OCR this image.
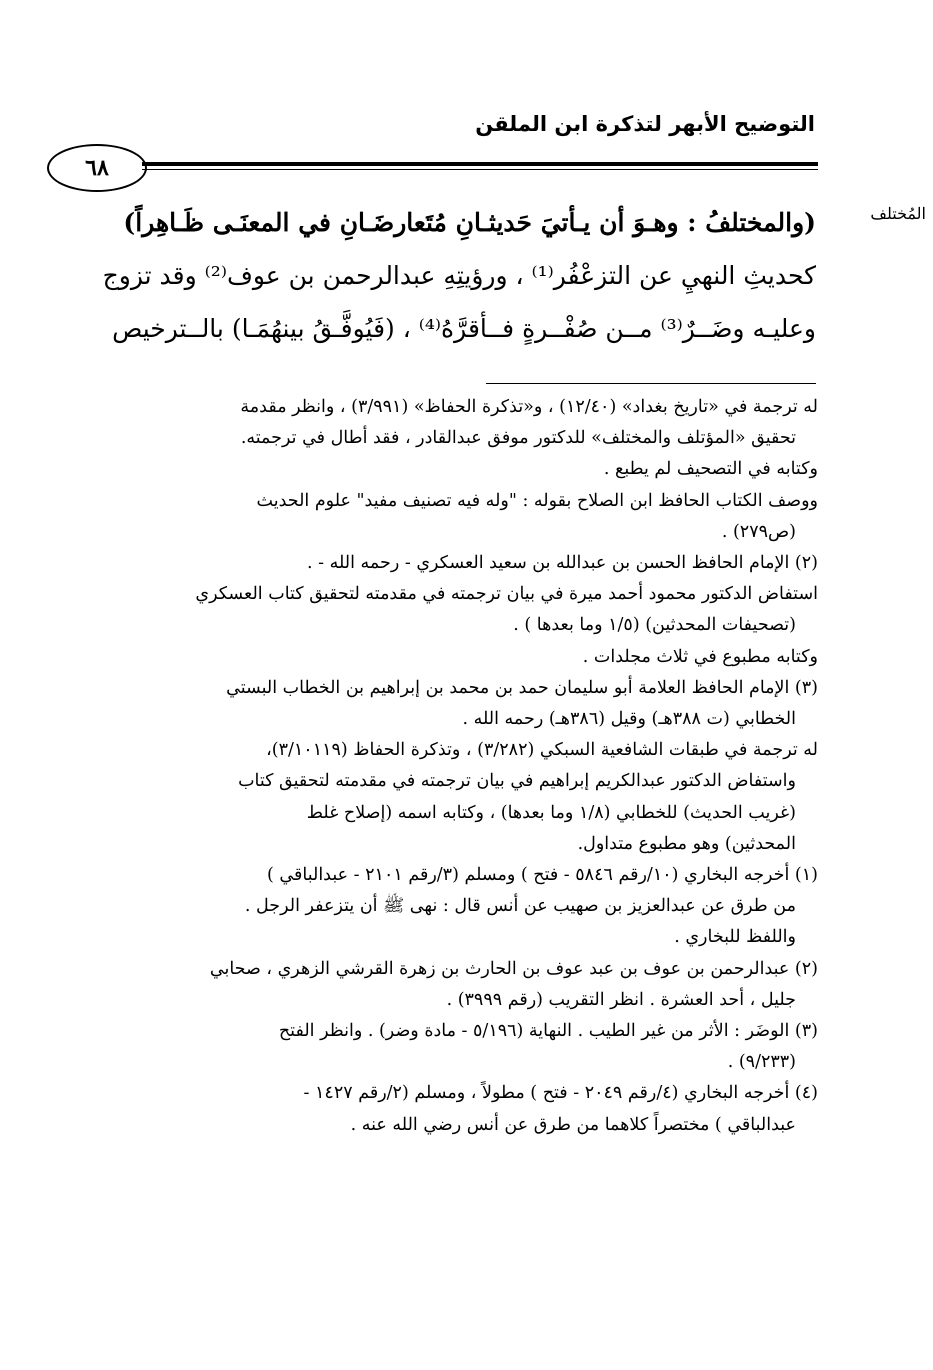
التوضيح الأبهر لتذكرة ابن الملقن
٦٨
المُختلف

(والمختلفُ : وهـوَ أن يـأتيَ حَديثـانِ مُتَعارضَـانِ في المعنَـى ظَـاهِراً)

كحديثِ النهيِ عن التزعْفُر⁽¹⁾ ، ورؤيتِهِ عبدالرحمن بن عوف⁽²⁾ وقد تزوج

وعليـه وضَــرٌ⁽³⁾ مــن صُفْــرةٍ فــأقرَّهُ⁽⁴⁾ ، (فَيُوفَّـقُ بينهُمَـا) بالــترخيص

له ترجمة في «تاريخ بغداد» (١٢/٤٠) ، و«تذكرة الحفاظ» (٣/٩٩١) ، وانظر مقدمة

تحقيق «المؤتلف والمختلف» للدكتور موفق عبدالقادر ، فقد أطال في ترجمته.

وكتابه في التصحيف لم يطبع .

ووصف الكتاب الحافظ ابن الصلاح بقوله : "وله فيه تصنيف مفيد" علوم الحديث

(ص٢٧٩) .

(٢) الإمام الحافظ الحسن بن عبدالله بن سعيد العسكري - رحمه الله - .

استفاض الدكتور محمود أحمد ميرة في بيان ترجمته في مقدمته لتحقيق كتاب العسكري

(تصحيفات المحدثين) (١/٥ وما بعدها ) .

وكتابه مطبوع في ثلاث مجلدات .

(٣) الإمام الحافظ العلامة أبو سليمان حمد بن محمد بن إبراهيم بن الخطاب البستي

الخطابي (ت ٣٨٨هـ) وقيل (٣٨٦هـ) رحمه الله .

له ترجمة في طبقات الشافعية السبكي (٣/٢٨٢) ، وتذكرة الحفاظ (٣/١٠١١٩)،

واستفاض الدكتور عبدالكريم إبراهيم في بيان ترجمته في مقدمته لتحقيق كتاب

(غريب الحديث) للخطابي (١/٨ وما بعدها) ، وكتابه اسمه (إصلاح غلط

المحدثين) وهو مطبوع متداول.

(١) أخرجه البخاري (١٠/رقم ٥٨٤٦ - فتح ) ومسلم (٣/رقم ٢١٠١ - عبدالباقي )

من طرق عن عبدالعزيز بن صهيب عن أنس قال : نهى ﷺ أن يتزعفر الرجل .

واللفظ للبخاري .

(٢) عبدالرحمن بن عوف بن عبد عوف بن الحارث بن زهرة القرشي الزهري ، صحابي

جليل ، أحد العشرة . انظر التقريب (رقم ٣٩٩٩) .

(٣) الوضَر : الأثر من غير الطيب . النهاية (٥/١٩٦ - مادة وضر) . وانظر الفتح

(٩/٢٣٣) .

(٤) أخرجه البخاري (٤/رقم ٢٠٤٩ - فتح ) مطولاً ، ومسلم (٢/رقم ١٤٢٧ -

عبدالباقي ) مختصراً كلاهما من طرق عن أنس رضي الله عنه .
